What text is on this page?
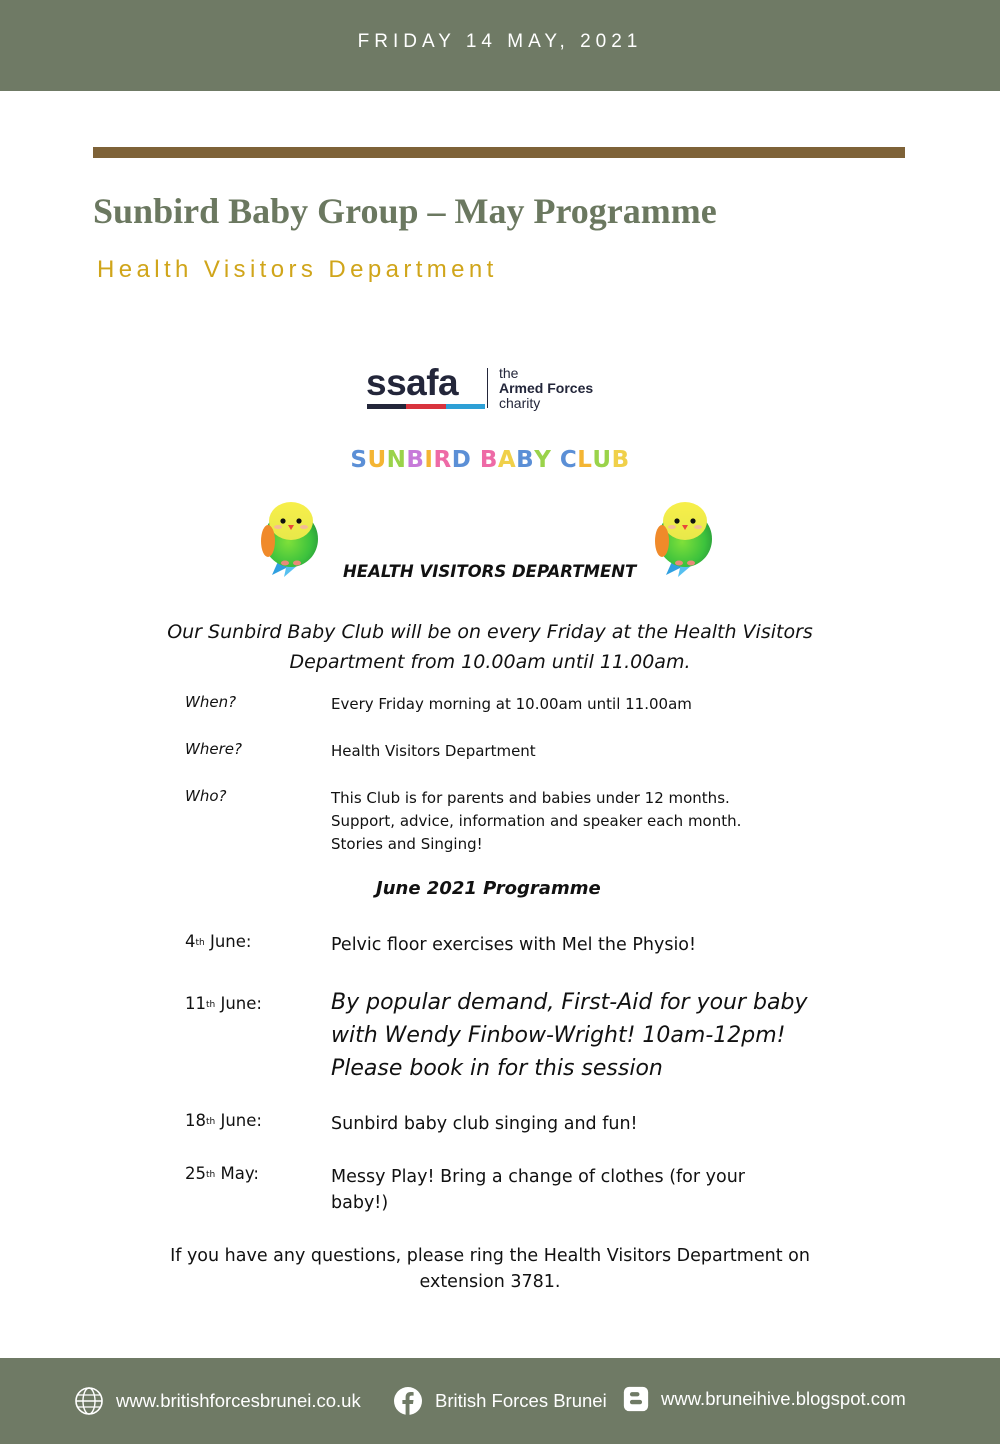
FRIDAY 14 MAY, 2021
Sunbird Baby Group – May Programme
Health Visitors Department
ssafa	the
Armed Forces
charity
SUNBIRD BABY CLUB
HEALTH VISITORS DEPARTMENT
Our Sunbird Baby Club will be on every Friday at the Health Visitors Department from 10.00am until 11.00am.
When?	Every Friday morning at 10.00am until 11.00am
Where?	Health Visitors Department
Who?	This Club is for parents and babies under 12 months.
Support, advice, information and speaker each month.
Stories and Singing!
June 2021 Programme
4th June:	Pelvic floor exercises with Mel the Physio!
11th June:	By popular demand, First-Aid for your baby with Wendy Finbow-Wright! 10am-12pm! Please book in for this session
18th June:	Sunbird baby club singing and fun!
25th May:	Messy Play! Bring a change of clothes (for your baby!)
If you have any questions, please ring the Health Visitors Department on extension 3781.
www.britishforcesbrunei.co.uk	British Forces Brunei	www.bruneihive.blogspot.com
